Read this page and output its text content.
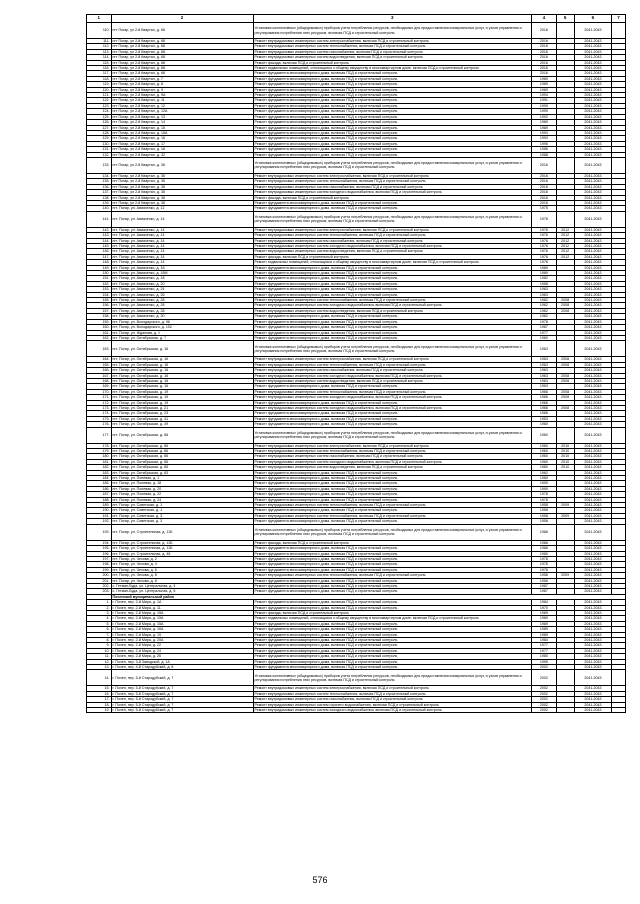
1	2	3	4	5	6	7
110.	пгт Погар, ул 2-й Квартал, д. 68	Установка коллективных (общедомовых) приборов учета потребления ресурсов, необходимых для предоставления коммунальных услуг, и узлов управления и регулирования потребления этих ресурсов, включая ПСД и строительный контроль	2016		2041-2043	
111.	пгт Погар, ул 2-й Квартал, д. 68	Ремонт внутридомовых инженерных систем электроснабжения, включая ПСД и строительный контроль	2016		2041-2043	
112.	пгт Погар, ул 2-й Квартал, д. 68	Ремонт внутридомовых инженерных систем теплоснабжения, включая ПСД и строительный контроль	2016		2041-2043	
113.	пгт Погар, ул 2-й Квартал, д. 68	Ремонт внутридомовых инженерных систем газоснабжения, включая ПСД и строительный контроль	2016		2041-2043	
114.	пгт Погар, ул 2-й Квартал, д. 68	Ремонт внутридомовых инженерных систем водоотведения, включая ПСД и строительный контроль	2016		2041-2043	
115.	пгт Погар, ул 2-й Квартал, д. 68	Ремонт фасада, включая ПСД и строительный контроль	2016		2041-2043	
116.	пгт Погар, ул 2-й Квартал, д. 68	Ремонт подвальных помещений, относящихся к общему имуществу в многоквартирном доме, включая ПСД и строительный контроль	2016		2041-2043	
117.	пгт Погар, ул 2-й Квартал, д. 68	Ремонт фундамента многоквартирного дома, включая ПСД и строительный контроль	2016		2041-2043	
118.	пгт Погар, ул 2-й Квартал, д. 7	Ремонт фундамента многоквартирного дома, включая ПСД и строительный контроль	1989		2041-2043	
119.	пгт Погар, ул 2-й Квартал, д. 8	Ремонт фундамента многоквартирного дома, включая ПСД и строительный контроль	1989		2041-2043	
120.	пгт Погар, ул 2-й Квартал, д. 9	Ремонт фундамента многоквартирного дома, включая ПСД и строительный контроль	1989		2041-2043	
121.	пгт Погар, ул 2-й Квартал, д. 9А	Ремонт фундамента многоквартирного дома, включая ПСД и строительный контроль	1994		2041-2043	
122.	пгт Погар, ул 2-й Квартал, д. 11	Ремонт фундамента многоквартирного дома, включая ПСД и строительный контроль	1991		2041-2043	
123.	пгт Погар, ул 2-й Квартал, д. 12	Ремонт фундамента многоквартирного дома, включая ПСД и строительный контроль	1990		2041-2043	
124.	пгт Погар, ул 2-й Квартал, д. 12А	Ремонт фундамента многоквартирного дома, включая ПСД и строительный контроль	1990		2041-2043	
125.	пгт Погар, ул 2-й Квартал, д. 13	Ремонт фундамента многоквартирного дома, включая ПСД и строительный контроль	1992		2041-2043	
126.	пгт Погар, ул 2-й Квартал, д. 14	Ремонт фундамента многоквартирного дома, включая ПСД и строительный контроль	1989		2041-2043	
127.	пгт Погар, ул 2-й Квартал, д. 15	Ремонт фундамента многоквартирного дома, включая ПСД и строительный контроль	1989		2041-2043	
128.	пгт Погар, ул 2-й Квартал, д. 15А	Ремонт фундамента многоквартирного дома, включая ПСД и строительный контроль	1993		2041-2043	
129.	пгт Погар, ул 2-й Квартал, д. 16	Ремонт фундамента многоквартирного дома, включая ПСД и строительный контроль	1993		2041-2043	
130.	пгт Погар, ул 2-й Квартал, д. 17	Ремонт фундамента многоквартирного дома, включая ПСД и строительный контроль	1996		2041-2043	
131.	пгт Погар, ул 2-й Квартал, д. 18	Ремонт фундамента многоквартирного дома, включая ПСД и строительный контроль	1986		2041-2043	
132.	пгт Погар, ул 2-й Квартал, д. 32	Ремонт фундамента многоквартирного дома, включая ПСД и строительный контроль	1988		2041-2043	
133.	пгт Погар, ул 2-й Квартал, д. 36	Установка коллективных (общедомовых) приборов учета потребления ресурсов, необходимых для предоставления коммунальных услуг, и узлов управления и регулирования потребления этих ресурсов, включая ПСД и строительный контроль	2016		2041-2043	
134.	пгт Погар, ул 2-й Квартал, д. 36	Ремонт внутридомовых инженерных систем электроснабжения, включая ПСД и строительный контроль	2016		2041-2043	
135.	пгт Погар, ул 2-й Квартал, д. 36	Ремонт внутридомовых инженерных систем теплоснабжения, включая ПСД и строительный контроль	2016		2041-2043	
136.	пгт Погар, ул 2-й Квартал, д. 36	Ремонт внутридомовых инженерных систем газоснабжения, включая ПСД и строительный контроль	2016		2041-2043	
137.	пгт Погар, ул 2-й Квартал, д. 36	Ремонт внутридомовых инженерных систем холодного водоснабжения, включая ПСД и строительный контроль	2016		2041-2043	
138.	пгт Погар, ул 2-й Квартал, д. 36	Ремонт фасада, включая ПСД и строительный контроль	2016		2041-2043	
139.	пгт Погар, ул 2-й Квартал, д. 36	Ремонт фундамента многоквартирного дома, включая ПСД и строительный контроль	2016		2041-2043	
140.	пгт. Погар, ул. Авиаченко, д. 12	Ремонт фундамента многоквартирного дома, включая ПСД и строительный контроль	1975		2041-2043	
141.	пгт. Погар, ул. Авиаченко, д. 14	Установка коллективных (общедомовых) приборов учета потребления ресурсов, необходимых для предоставления коммунальных услуг, и узлов управления и регулирования потребления этих ресурсов, включая ПСД и строительный контроль	1976		2041-2043	
142.	пгт. Погар, ул. Авиаченко, д. 14	Ремонт внутридомовых инженерных систем электроснабжения, включая ПСД и строительный контроль	1976	2012	2041-2043	
143.	пгт. Погар, ул. Авиаченко, д. 14	Ремонт внутридомовых инженерных систем теплоснабжения, включая ПСД и строительный контроль	1976	2012	2041-2043	
144.	пгт. Погар, ул. Авиаченко, д. 14	Ремонт внутридомовых инженерных систем газоснабжения, включая ПСД и строительный контроль	1976	2012	2041-2043	
145.	пгт. Погар, ул. Авиаченко, д. 14	Ремонт внутридомовых инженерных систем холодного водоснабжения, включая ПСД и строительный контроль	1976	2012	2041-2043	
146.	пгт. Погар, ул. Авиаченко, д. 14	Ремонт внутридомовых инженерных систем водоотведения, включая ПСД и строительный контроль	1976	2012	2041-2043	
147.	пгт. Погар, ул. Авиаченко, д. 14	Ремонт фасада, включая ПСД и строительный контроль	1976	2012	2041-2043	
148.	пгт. Погар, ул. Авиаченко, д. 14	Ремонт подвальных помещений, относящихся к общему имуществу в многоквартирном доме, включая ПСД и строительный контроль	1976		2041-2043	
149.	пгт. Погар, ул. Авиаченко, д. 16	Ремонт фундамента многоквартирного дома, включая ПСД и строительный контроль	1989		2041-2043	
150.	пгт. Погар, ул. Авиаченко, д. 16М	Ремонт фундамента многоквартирного дома, включая ПСД и строительный контроль	1989		2041-2043	
151.	пгт. Погар, ул. Авиаченко, д. 18	Ремонт фундамента многоквартирного дома, включая ПСД и строительный контроль	1982		2041-2043	
152.	пгт. Погар, ул. Авиаченко, д. 20	Ремонт фундамента многоквартирного дома, включая ПСД и строительный контроль	1958		2041-2043	
153.	пгт. Погар, ул. Авиаченко, д. 24	Ремонт фундамента многоквартирного дома, включая ПСД и строительный контроль	1963		2041-2043	
154.	пгт. Погар, ул. Авиаченко, д. 26	Ремонт фундамента многоквартирного дома, включая ПСД и строительный контроль	1963		2041-2043	
155.	пгт. Погар, ул. Авиаченко, д. 28	Ремонт внутридомовых инженерных систем теплоснабжения, включая ПСД и строительный контроль	1962	2008	2041-2043	
156.	пгт. Погар, ул. Авиаченко, д. 28	Ремонт внутридомовых инженерных систем холодного водоснабжения, включая ПСД и строительный контроль	1962	2008	2041-2043	
157.	пгт. Погар, ул. Авиаченко, д. 28	Ремонт внутридомовых инженерных систем водоотведения, включая ПСД и строительный контроль	1962	2008	2041-2043	
158.	пгт. Погар, ул. Авиаченко, д. 30	Ремонт фундамента многоквартирного дома, включая ПСД и строительный контроль	1962		2041-2043	
159.	пгт. Погар, ул. Володарского, д. 96	Ремонт фундамента многоквартирного дома, включая ПСД и строительный контроль	1978		2041-2043	
160.	пгт. Погар, ул. Володарского, д. 102	Ремонт фундамента многоквартирного дома, включая ПСД и строительный контроль	1987		2041-2043	
161.	пгт. Погар, ул. Жданова, д. 1	Ремонт фундамента многоквартирного дома, включая ПСД и строительный контроль	1977		2041-2043	
162.	пгт. Погар, ул. Октябрьская, д. 7	Ремонт фундамента многоквартирного дома, включая ПСД и строительный контроль	1960		2041-2043	
163.	пгт. Погар, ул. Октябрьская, д. 16	Установка коллективных (общедомовых) приборов учета потребления ресурсов, необходимых для предоставления коммунальных услуг, и узлов управления и регулирования потребления этих ресурсов, включая ПСД и строительный контроль	1963		2041-2043	
164.	пгт. Погар, ул. Октябрьская, д. 16	Ремонт внутридомовых инженерных систем электроснабжения, включая ПСД и строительный контроль	1963	2008	2041-2043	
165.	пгт. Погар, ул. Октябрьская, д. 16	Ремонт внутридомовых инженерных систем теплоснабжения, включая ПСД и строительный контроль	1963	2008	2041-2043	
166.	пгт. Погар, ул. Октябрьская, д. 16	Ремонт внутридомовых инженерных систем газоснабжения, включая ПСД и строительный контроль	1963		2041-2043	
167.	пгт. Погар, ул. Октябрьская, д. 16	Ремонт внутридомовых инженерных систем холодного водоснабжения, включая ПСД и строительный контроль	1963	2008	2041-2043	
168.	пгт. Погар, ул. Октябрьская, д. 16	Ремонт внутридомовых инженерных систем водоотведения, включая ПСД и строительный контроль	1963	2008	2041-2043	
169.	пгт. Погар, ул. Октябрьская, д. 16	Ремонт фундамента многоквартирного дома, включая ПСД и строительный контроль	1963		2041-2043	
170.	пгт. Погар, ул. Октябрьская, д. 19	Ремонт внутридомовых инженерных систем теплоснабжения, включая ПСД и строительный контроль	1966	2008	2041-2043	
171.	пгт. Погар, ул. Октябрьская, д. 19	Ремонт внутридомовых инженерных систем холодного водоснабжения, включая ПСД и строительный контроль	1966	2008	2041-2043	
172.	пгт. Погар, ул. Октябрьская, д. 19	Ремонт фундамента многоквартирного дома, включая ПСД и строительный контроль	1966		2041-2043	
173.	пгт. Погар, ул. Октябрьская, д. 21	Ремонт внутридомовых инженерных систем холодного водоснабжения, включая ПСД и строительный контроль	1966	2008	2041-2043	
174.	пгт. Погар, ул. Октябрьская, д. 23	Ремонт фундамента многоквартирного дома, включая ПСД и строительный контроль	1966		2041-2043	
175.	пгт. Погар, ул. Октябрьская, д. 41	Ремонт фундамента многоквартирного дома, включая ПСД и строительный контроль	1953		2041-2043	
176.	пгт. Погар, ул. Октябрьская, д. 49	Ремонт фундамента многоквартирного дома, включая ПСД и строительный контроль	1980		2041-2043	
177.	пгт. Погар, ул. Октябрьская, д. 66	Установка коллективных (общедомовых) приборов учета потребления ресурсов, необходимых для предоставления коммунальных услуг, и узлов управления и регулирования потребления этих ресурсов, включая ПСД и строительный контроль	1960		2041-2043	
178.	пгт. Погар, ул. Октябрьская, д. 66	Ремонт внутридомовых инженерных систем электроснабжения, включая ПСД и строительный контроль	1960	2010	2041-2043	
179.	пгт. Погар, ул. Октябрьская, д. 66	Ремонт внутридомовых инженерных систем теплоснабжения, включая ПСД и строительный контроль	1960	2010	2041-2043	
180.	пгт. Погар, ул. Октябрьская, д. 66	Ремонт внутридомовых инженерных систем газоснабжения, включая ПСД и строительный контроль	1960	2010	2041-2043	
181.	пгт. Погар, ул. Октябрьская, д. 66	Ремонт внутридомовых инженерных систем холодного водоснабжения, включая ПСД и строительный контроль	1960	2010	2041-2043	
182.	пгт. Погар, ул. Октябрьская, д. 66	Ремонт внутридомовых инженерных систем водоотведения, включая ПСД и строительный контроль	1960	2010	2041-2043	
183.	пгт. Погар, ул. Октябрьская, д. 83	Ремонт фундамента многоквартирного дома, включая ПСД и строительный контроль	1962		2041-2043	
184.	пгт. Погар, ул. Полевая, д. 1	Ремонт фундамента многоквартирного дома, включая ПСД и строительный контроль	1980		2041-2043	
185.	пгт. Погар, ул. Полевая, д. 18	Ремонт фундамента многоквартирного дома, включая ПСД и строительный контроль	1990		2041-2043	
186.	пгт. Погар, ул. Полевая, д. 20	Ремонт фундамента многоквартирного дома, включая ПСД и строительный контроль	1990		2041-2043	
187.	пгт. Погар, ул. Полевая, д. 22	Ремонт фундамента многоквартирного дома, включая ПСД и строительный контроль	1978		2041-2043	
188.	пгт. Погар, ул. Полевая, д. 24	Ремонт фундамента многоквартирного дома, включая ПСД и строительный контроль	1978		2041-2043	
189.	пгт. Погар, ул. Советская, д. 1	Ремонт внутридомовых инженерных систем теплоснабжения, включая ПСД и строительный контроль	1958	2009	2041-2043	
190.	пгт. Погар, ул. Советская, д. 1	Ремонт фундамента многоквартирного дома, включая ПСД и строительный контроль	1958		2041-2043	
191.	пгт. Погар, ул. Советская, д. 3	Ремонт внутридомовых инженерных систем теплоснабжения, включая ПСД и строительный контроль	1958	2009	2041-2043	
192.	пгт. Погар, ул. Советская, д. 3	Ремонт фундамента многоквартирного дома, включая ПСД и строительный контроль	1958		2041-2043	
193.	пгт. Погар, ул. Строительная, д. 11Б	Установка коллективных (общедомовых) приборов учета потребления ресурсов, необходимых для предоставления коммунальных услуг, и узлов управления и регулирования потребления этих ресурсов, включая ПСД и строительный контроль	1986		2041-2043	
194.	пгт. Погар, ул. Строительная, д. 11Б	Ремонт фасада, включая ПСД и строительный контроль	1986		2041-2043	
195.	пгт. Погар, ул. Строительная, д. 11Б	Ремонт фундамента многоквартирного дома, включая ПСД и строительный контроль	1986		2041-2043	
196.	пгт. Погар, ул. Строительная, д. 48	Ремонт фундамента многоквартирного дома, включая ПСД и строительный контроль	1980		2041-2043	
197.	пгт. Погар, ул. Чехова, д. 2	Ремонт фундамента многоквартирного дома, включая ПСД и строительный контроль	1978		2041-2043	
198.	пгт. Погар, ул. Чехова, д. 4	Ремонт фундамента многоквартирного дома, включая ПСД и строительный контроль	1976		2041-2043	
199.	пгт. Погар, ул. Чехова, д. 6	Ремонт фундамента многоквартирного дома, включая ПСД и строительный контроль	1978		2041-2043	
200.	пгт. Погар, ул. Чехова, д. 8	Ремонт внутридомовых инженерных систем теплоснабжения, включая ПСД и строительный контроль	1956	2009	2041-2043	
201.	пгт. Погар, ул. Чехова, д. 8	Ремонт фундамента многоквартирного дома, включая ПСД и строительный контроль	1956		2041-2043	
202.	с. Гетман-Буда, ул. Центральная, д. 4	Ремонт фундамента многоквартирного дома, включая ПСД и строительный контроль	1987		2041-2043	
203.	с. Гетман-Буда, ул. Центральная, д. 5	Ремонт фундамента многоквартирного дома, включая ПСД и строительный контроль	1987		2041-2043	
	Почепский муниципальный район					
1.	г. Почеп, пер. 2-й Мира, д. 1А	Ремонт фундамента многоквартирного дома, включая ПСД и строительный контроль	1984		2041-2043	
2.	г. Почеп, пер. 2-й Мира, д. 11	Ремонт фундамента многоквартирного дома, включая ПСД и строительный контроль	1970		2041-2043	
3.	г. Почеп, пер. 2-й Мира, д. 15А	Ремонт фасада, включая ПСД и строительный контроль	1989		2041-2043	
4.	г. Почеп, пер. 2-й Мира, д. 15А	Ремонт подвальных помещений, относящихся к общему имуществу в многоквартирном доме, включая ПСД и строительный контроль	1989		2041-2043	
5.	г. Почеп, пер. 2-й Мира, д. 15А	Ремонт фундамента многоквартирного дома, включая ПСД и строительный контроль	1989		2041-2043	
6.	г. Почеп, пер. 2-й Мира, д. 16А	Ремонт фундамента многоквартирного дома, включая ПСД и строительный контроль	1989		2041-2043	
7.	г. Почеп, пер. 2-й Мира, д. 19	Ремонт фундамента многоквартирного дома, включая ПСД и строительный контроль	1989		2041-2043	
8.	г. Почеп, пер. 2-й Мира, д. 20А	Ремонт фундамента многоквартирного дома, включая ПСД и строительный контроль	1984		2041-2043	
9.	г. Почеп, пер. 2-й Мира, д. 22	Ремонт фундамента многоквартирного дома, включая ПСД и строительный контроль	1977		2041-2043	
10.	г. Почеп, пер. 2-й Мира, д. 24	Ремонт фундамента многоквартирного дома, включая ПСД и строительный контроль	1977		2041-2043	
11.	г. Почеп, пер. 2-й Мира, д. 26	Ремонт фундамента многоквартирного дома, включая ПСД и строительный контроль	1980		2041-2043	
12.	г. Почеп, пер. 3-й Заводской, д. 1А	Ремонт фундамента многоквартирного дома, включая ПСД и строительный контроль	1995		2041-2043	
13.	г. Почеп, пер. 4-й Стародубский, д. 8	Ремонт фундамента многоквартирного дома, включая ПСД и строительный контроль	2002		2041-2043	
14.	г. Почеп, пер. 5-й Стародубский, д. 7	Установка коллективных (общедомовых) приборов учета потребления ресурсов, необходимых для предоставления коммунальных услуг, и узлов управления и регулирования потребления этих ресурсов, включая ПСД и строительный контроль	2002		2041-2043	
15.	г. Почеп, пер. 5-й Стародубский, д. 7	Ремонт внутридомовых инженерных систем электроснабжения, включая ПСД и строительный контроль	2002		2041-2043	
16.	г. Почеп, пер. 5-й Стародубский, д. 7	Ремонт внутридомовых инженерных систем теплоснабжения, включая ПСД и строительный контроль	2002		2041-2043	
17.	г. Почеп, пер. 5-й Стародубский, д. 7	Ремонт внутридомовых инженерных систем газоснабжения, включая ПСД и строительный контроль	2002		2041-2043	
18.	г. Почеп, пер. 5-й Стародубский, д. 7	Ремонт внутридомовых инженерных систем горячего водоснабжения, включая ПСД и строительный контроль	2002		2041-2043	
19.	г. Почеп, пер. 5-й Стародубский, д. 7	Ремонт внутридомовых инженерных систем холодного водоснабжения, включая ПСД и строительный контроль	2002		2041-2043	
576
